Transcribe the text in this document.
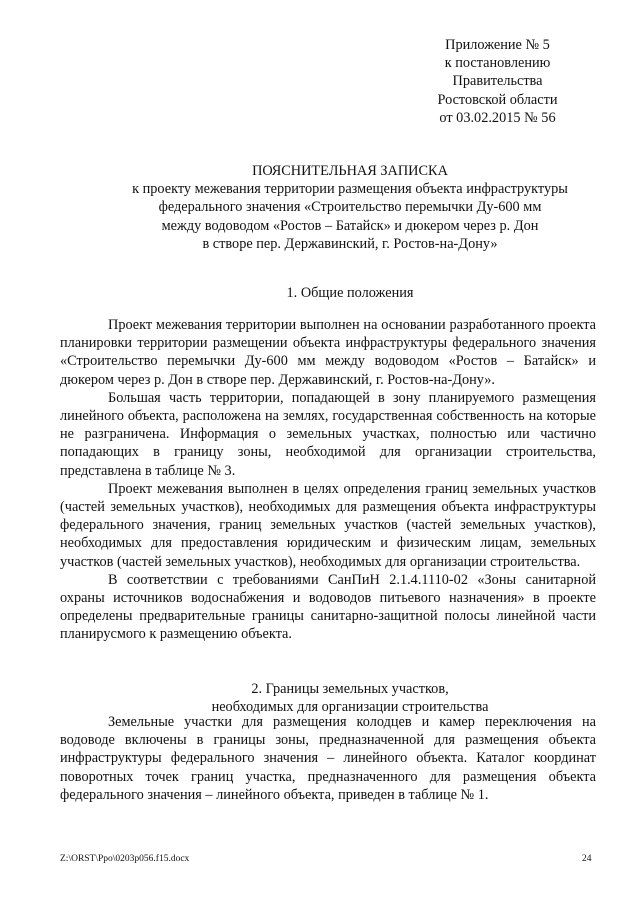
Приложение № 5
к постановлению
Правительства
Ростовской области
от 03.02.2015 № 56
ПОЯСНИТЕЛЬНАЯ ЗАПИСКА
к проекту межевания территории размещения объекта инфраструктуры
федерального значения «Строительство перемычки Ду-600 мм
между водоводом «Ростов – Батайск» и дюкером через р. Дон
в створе пер. Державинский, г. Ростов-на-Дону»
1. Общие положения

Проект межевания территории выполнен на основании разработанного проекта планировки территории размещении объекта инфраструктуры федерального значения «Строительство перемычки Ду-600 мм между водоводом «Ростов – Батайск» и дюкером через р. Дон в створе пер. Державинский, г. Ростов-на-Дону».

Большая часть территории, попадающей в зону планируемого размещения линейного объекта, расположена на землях, государственная собственность на которые не разграничена. Информация о земельных участках, полностью или частично попадающих в границу зоны, необходимой для организации строительства, представлена в таблице № 3.

Проект межевания выполнен в целях определения границ земельных участков (частей земельных участков), необходимых для размещения объекта инфраструктуры федерального значения, границ земельных участков (частей земельных участков), необходимых для предоставления юридическим и физическим лицам, земельных участков (частей земельных участков), необходимых для организации строительства.

В соответствии с требованиями СанПиН 2.1.4.1110-02 «Зоны санитарной охраны источников водоснабжения и водоводов питьевого назначения» в проекте определены предварительные границы санитарно-защитной полосы линейной части планирусмого к размещению объекта.

2. Границы земельных участков,
необходимых для организации строительства

Земельные участки для размещения колодцев и камер переключения на водоводе включены в границы зоны, предназначенной для размещения объекта инфраструктуры федерального значения – линейного объекта. Каталог координат поворотных точек границ участка, предназначенного для размещения объекта федерального значения – линейного объекта, приведен в таблице № 1.

Z:\ORST\Ppo\0203p056.f15.docx	24
